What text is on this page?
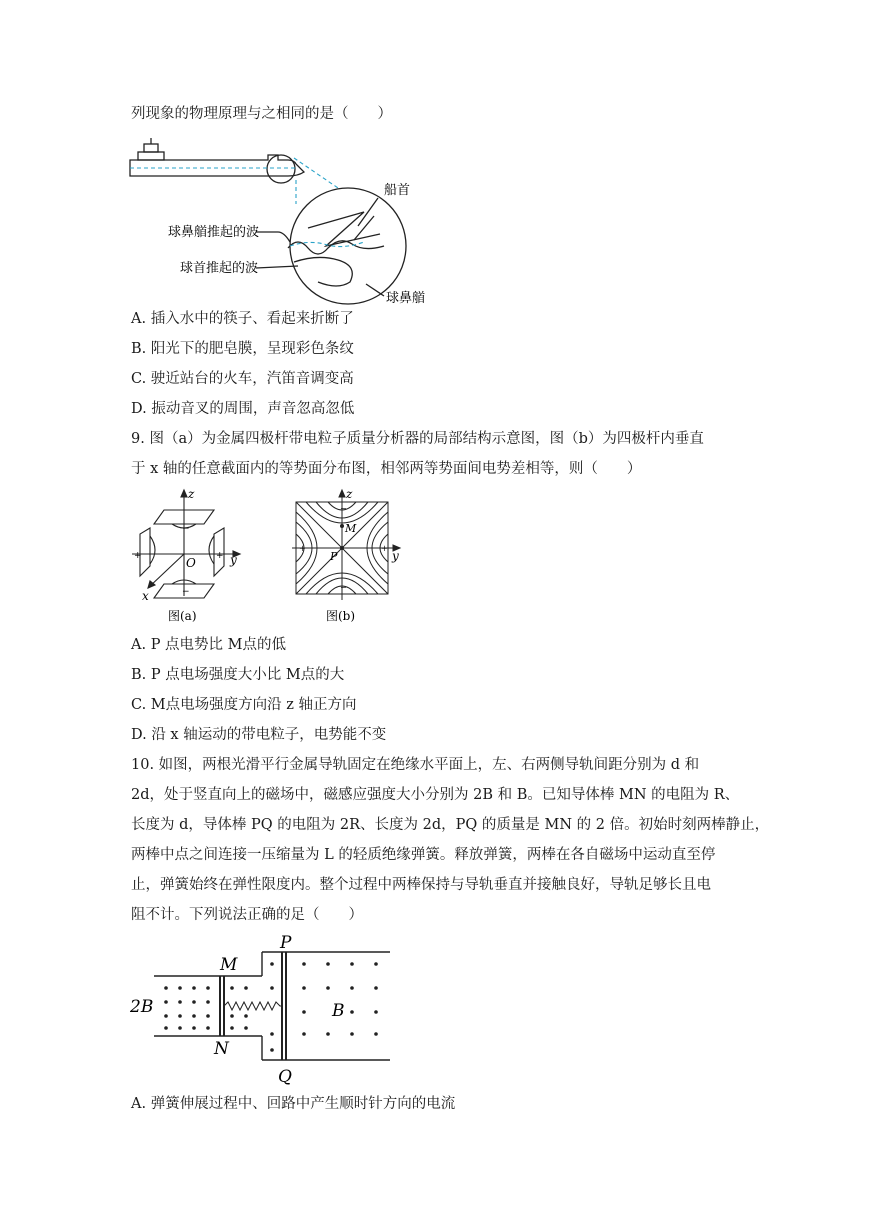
列现象的物理原理与之相同的是（　　）
船首
球鼻艏推起的波
球首推起的波
球鼻艏
A. 插入水中的筷子、看起来折断了
B. 阳光下的肥皂膜，呈现彩色条纹
C. 驶近站台的火车，汽笛音调变高
D. 振动音叉的周围，声音忽高忽低
9. 图（a）为金属四极杆带电粒子质量分析器的局部结构示意图，图（b）为四极杆内垂直
于 x 轴的任意截面内的等势面分布图，相邻两等势面间电势差相等，则（　　）
−
−
+	+
z
y
x
O
图(a)
−
−
+	+
z
y
M
P
图(b)
A. P 点电势比 M点的低
B. P 点电场强度大小比 M点的大
C. M点电场强度方向沿 z 轴正方向
D. 沿 x 轴运动的带电粒子，电势能不变
10. 如图，两根光滑平行金属导轨固定在绝缘水平面上，左、右两侧导轨间距分别为 d 和
2d，处于竖直向上的磁场中，磁感应强度大小分别为 2B 和 B。已知导体棒 MN 的电阻为 R、
长度为 d，导体棒 PQ 的电阻为 2R、长度为 2d，PQ 的质量是 MN 的 2 倍。初始时刻两棒静止，
两棒中点之间连接一压缩量为 L 的轻质绝缘弹簧。释放弹簧，两棒在各自磁场中运动直至停
止，弹簧始终在弹性限度内。整个过程中两棒保持与导轨垂直并接触良好，导轨足够长且电
阻不计。下列说法正确的足（　　）
P
M
2B	B
N
Q
A. 弹簧伸展过程中、回路中产生顺时针方向的电流
